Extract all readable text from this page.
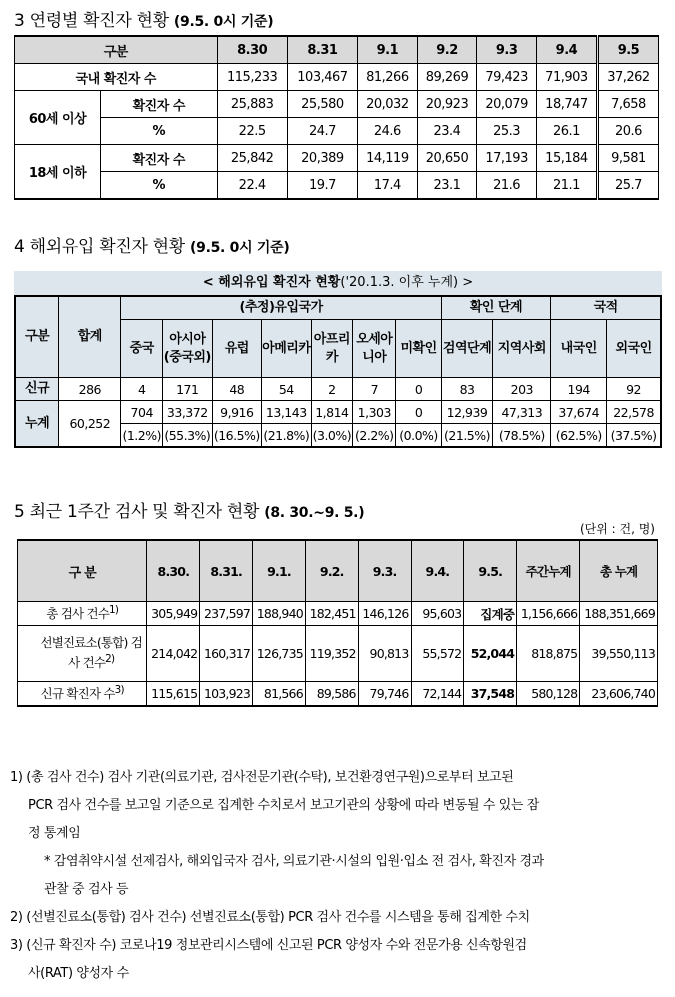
3 연령별 확진자 현황 (9.5. 0시 기준)
구분		8.30	8.31	9.1	9.2	9.3	9.4	9.5
국내 확진자 수		115,233	103,467	81,266	89,269	79,423	71,903	37,262
60세 이상	확진자 수	25,883	25,580	20,032	20,923	20,079	18,747	7,658
	%	22.5	24.7	24.6	23.4	25.3	26.1	20.6
18세 이하	확진자 수	25,842	20,389	14,119	20,650	17,193	15,184	9,581
	%	22.4	19.7	17.4	23.1	21.6	21.1	25.7
4 해외유입 확진자 현황 (9.5. 0시 기준)
< 해외유입 확진자 현황('20.1.3. 이후 누계) >
구분	합계	(추정)유입국가							확인 단계		국적	
		중국	아시아(중국외)	유럽	아메리카	아프리카	오세아니아	미확인	검역단계	지역사회	내국인	외국인
신규	286	4	171	48	54	2	7	0	83	203	194	92
누계	60,252	704	33,372	9,916	13,143	1,814	1,303	0	12,939	47,313	37,674	22,578
		(1.2%)	(55.3%)	(16.5%)	(21.8%)	(3.0%)	(2.2%)	(0.0%)	(21.5%)	(78.5%)	(62.5%)	(37.5%)
5 최근 1주간 검사 및 확진자 현황 (8. 30.~9. 5.)
(단위 : 건, 명)
구 분	8.30.	8.31.	9.1.	9.2.	9.3.	9.4.	9.5.	주간누계	총 누계
총 검사 건수$^{1)}$	305,949	237,597	188,940	182,451	146,126	95,603	집계중	1,156,666	188,351,669
선별진료소(통합) 검사 건수$^{2)}$	214,042	160,317	126,735	119,352	90,813	55,572	52,044	818,875	39,550,113
신규 확진자 수$^{3)}$	115,615	103,923	81,566	89,586	79,746	72,144	37,548	580,128	23,606,740

1) (총 검사 건수) 검사 기관(의료기관, 검사전문기관(수탁), 보건환경연구원)으로부터 보고된

PCR 검사 건수를 보고일 기준으로 집계한 수치로서 보고기관의 상황에 따라 변동될 수 있는 잠

정 통계임

* 감염취약시설 선제검사, 해외입국자 검사, 의료기관·시설의 입원·입소 전 검사, 확진자 경과

관찰 중 검사 등

2) (선별진료소(통합) 검사 건수) 선별진료소(통합) PCR 검사 건수를 시스템을 통해 집계한 수치

3) (신규 확진자 수) 코로나19 정보관리시스템에 신고된 PCR 양성자 수와 전문가용 신속항원검

사(RAT) 양성자 수
